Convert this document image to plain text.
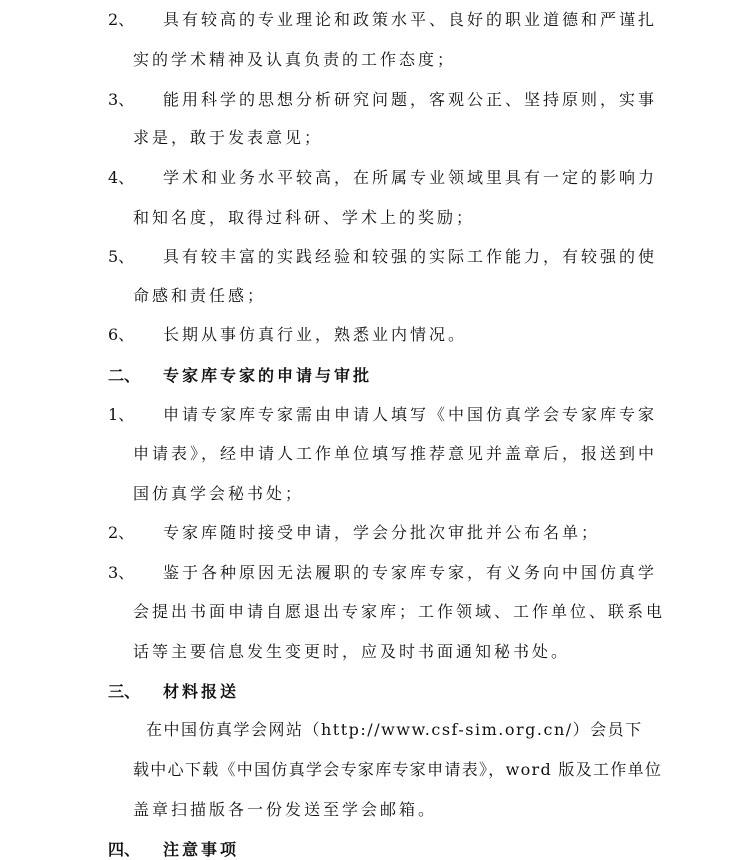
2、 具有较高的专业理论和政策水平、良好的职业道德和严谨扎
实的学术精神及认真负责的工作态度；
3、 能用科学的思想分析研究问题，客观公正、坚持原则，实事
求是，敢于发表意见；
4、 学术和业务水平较高，在所属专业领域里具有一定的影响力
和知名度，取得过科研、学术上的奖励；
5、 具有较丰富的实践经验和较强的实际工作能力，有较强的使
命感和责任感；
6、 长期从事仿真行业，熟悉业内情况。
二、 专家库专家的申请与审批
1、 申请专家库专家需由申请人填写《中国仿真学会专家库专家
申请表》，经申请人工作单位填写推荐意见并盖章后，报送到中
国仿真学会秘书处；
2、 专家库随时接受申请，学会分批次审批并公布名单；
3、 鉴于各种原因无法履职的专家库专家，有义务向中国仿真学
会提出书面申请自愿退出专家库；工作领域、工作单位、联系电
话等主要信息发生变更时，应及时书面通知秘书处。
三、 材料报送
在中国仿真学会网站（http://www.csf-sim.org.cn/）会员下
载中心下载《中国仿真学会专家库专家申请表》，word 版及工作单位
盖章扫描版各一份发送至学会邮箱。
四、 注意事项
